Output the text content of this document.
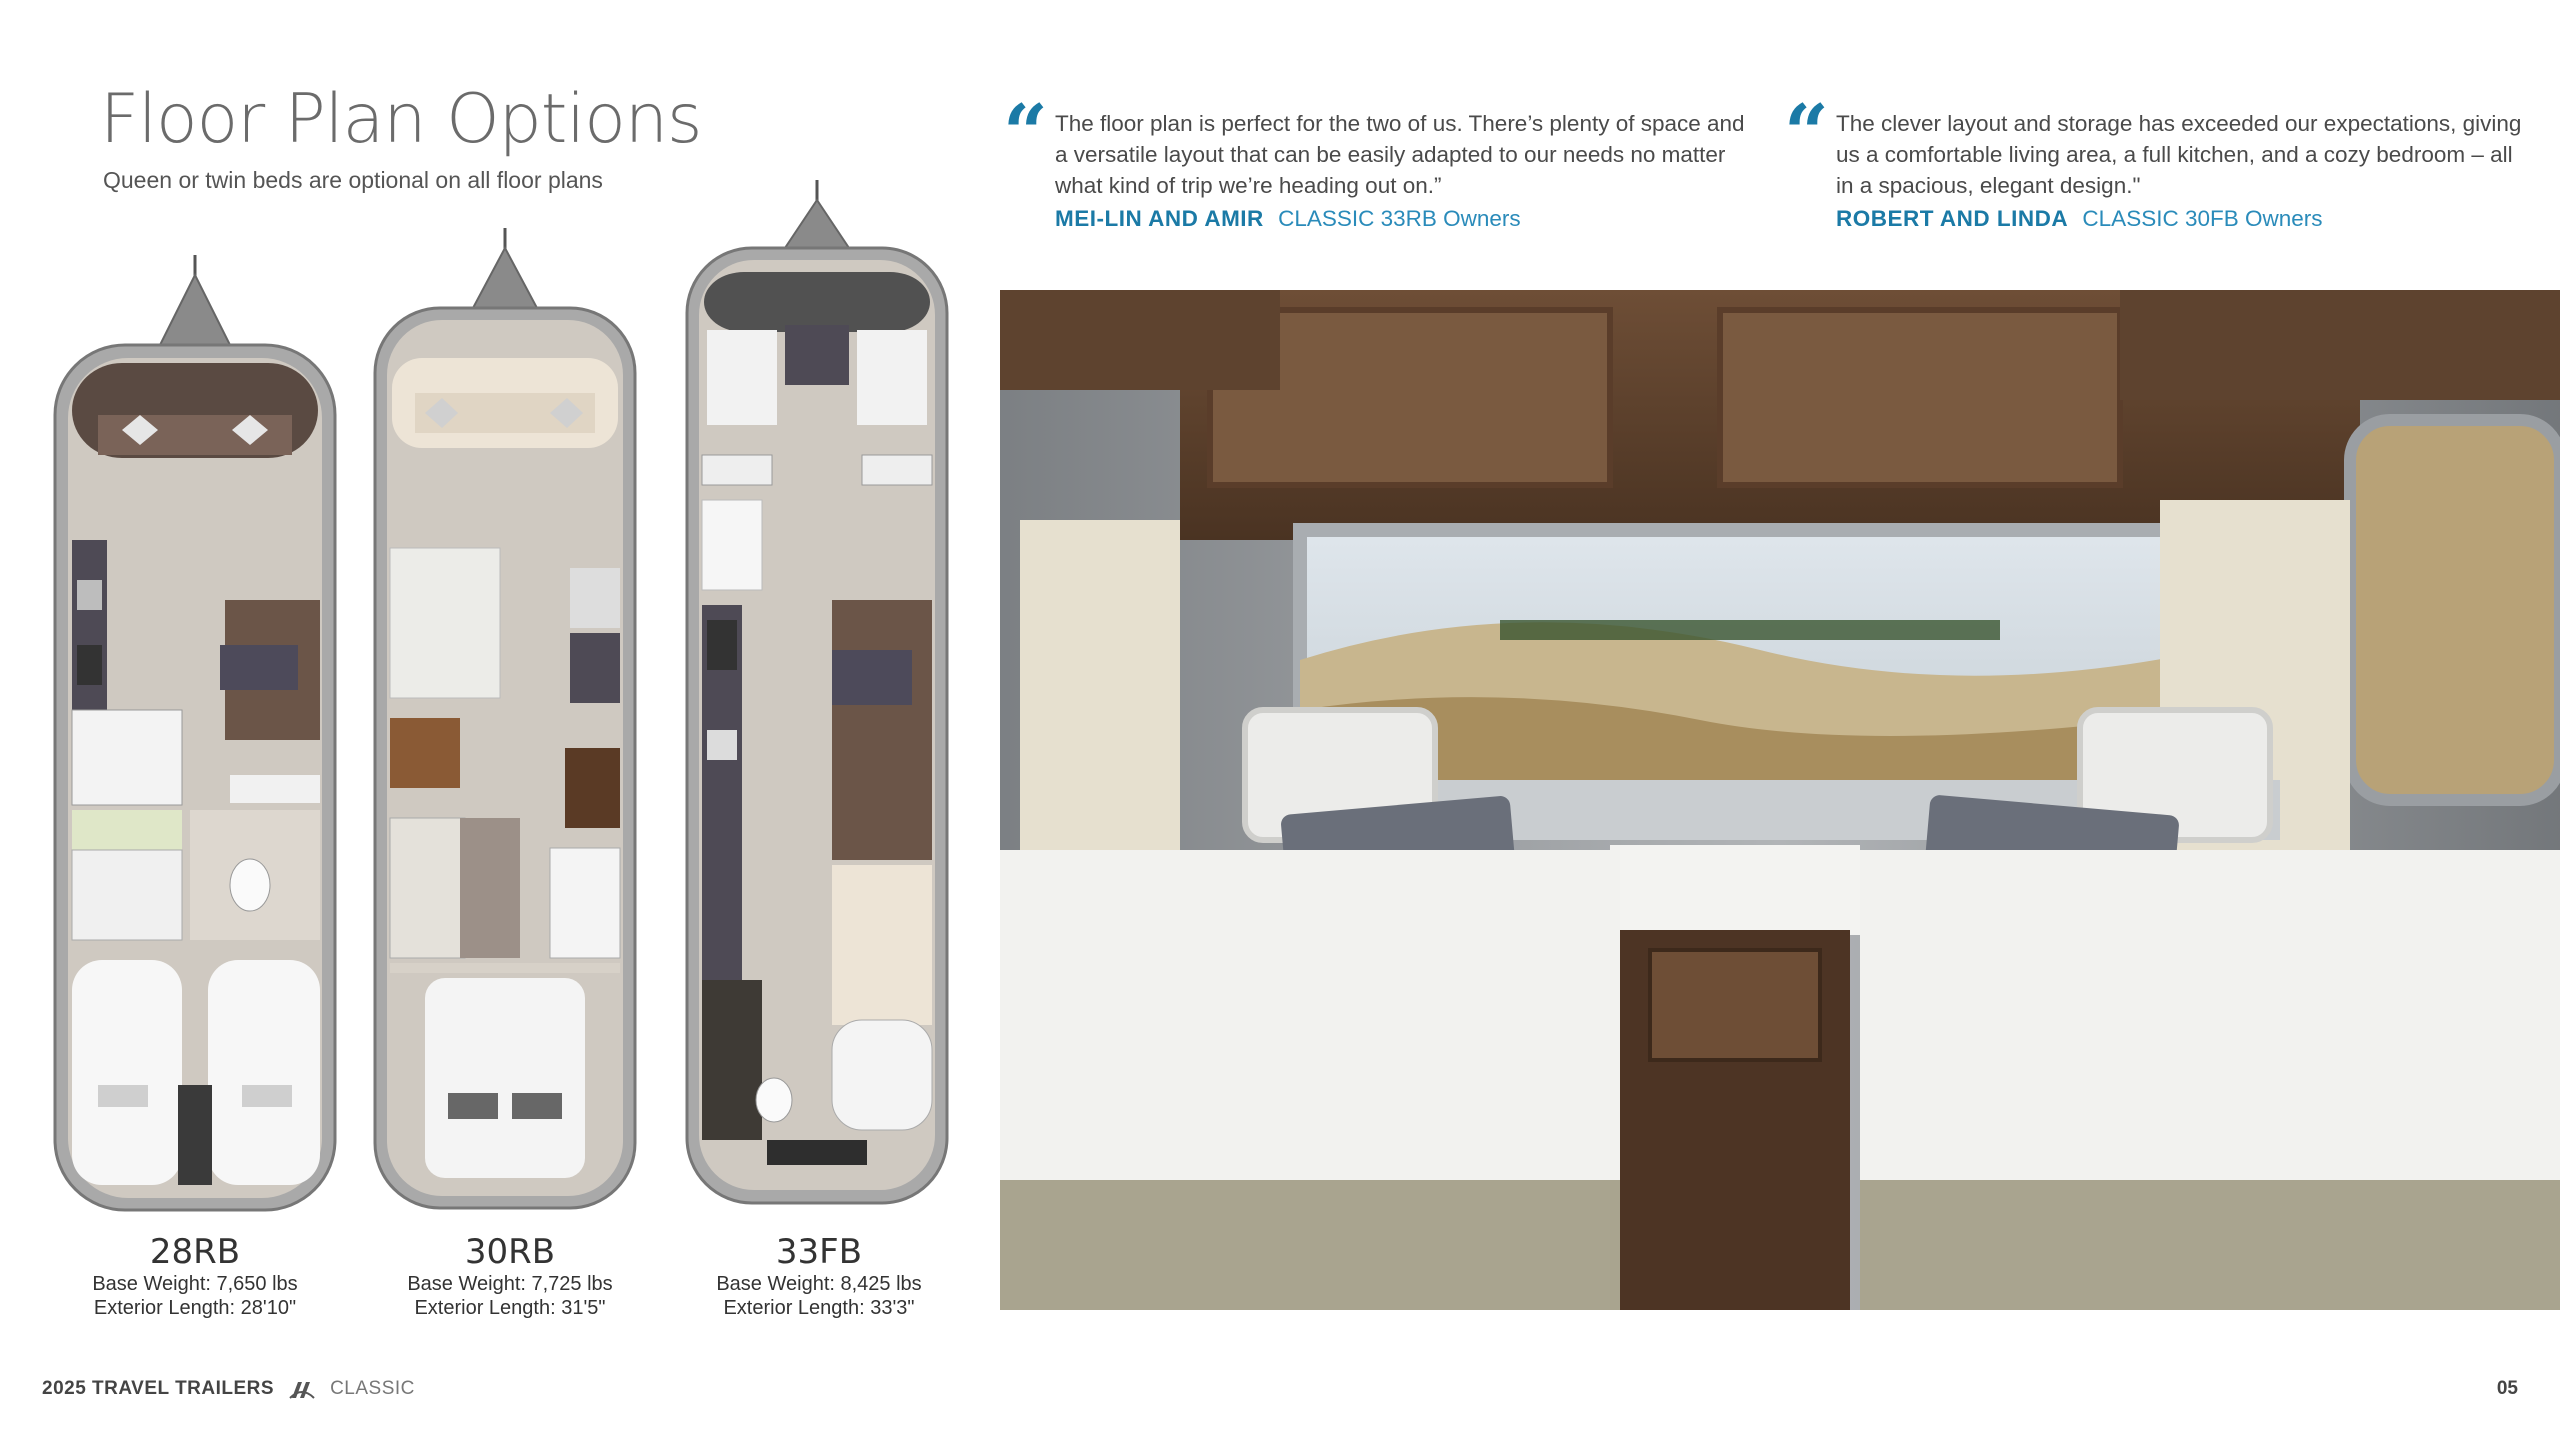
Floor Plan Options
Queen or twin beds are optional on all floor plans
28RB
Base Weight: 7,650 lbs
Exterior Length: 28'10"
30RB
Base Weight: 7,725 lbs
Exterior Length: 31'5"
33FB
Base Weight: 8,425 lbs
Exterior Length: 33'3"
“ The floor plan is perfect for the two of us. There’s plenty of space and a versatile layout that can be easily adapted to our needs no matter what kind of trip we’re heading out on.”
MEI-LIN AND AMIR CLASSIC 33RB Owners
“ The clever layout and storage has exceeded our expectations, giving us a comfortable living area, a full kitchen, and a cozy bedroom – all in a spacious, elegant design."
ROBERT AND LINDA CLASSIC 30FB Owners
2025 TRAVEL TRAILERS	CLASSIC	05
